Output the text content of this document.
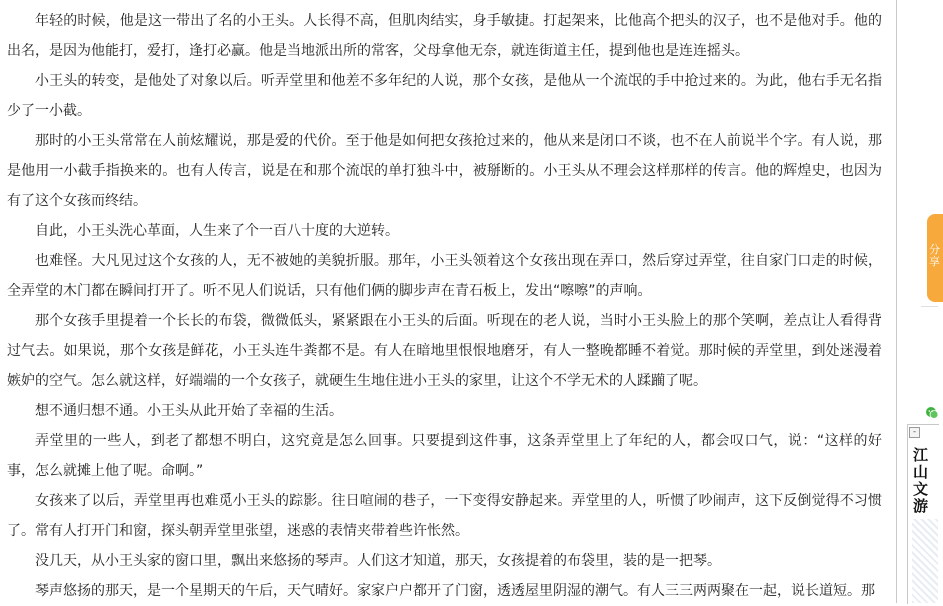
年轻的时候，他是这一带出了名的小王头。人长得不高，但肌肉结实，身手敏捷。打起架来，比他高个把头的汉子，也不是他对手。他的出名，是因为他能打，爱打，逢打必赢。他是当地派出所的常客，父母拿他无奈，就连街道主任，提到他也是连连摇头。

小王头的转变，是他处了对象以后。听弄堂里和他差不多年纪的人说，那个女孩，是他从一个流氓的手中抢过来的。为此，他右手无名指少了一小截。

那时的小王头常常在人前炫耀说，那是爱的代价。至于他是如何把女孩抢过来的，他从来是闭口不谈，也不在人前说半个字。有人说，那是他用一小截手指换来的。也有人传言，说是在和那个流氓的单打独斗中，被掰断的。小王头从不理会这样那样的传言。他的辉煌史，也因为有了这个女孩而终结。

自此，小王头洗心革面，人生来了个一百八十度的大逆转。

也难怪。大凡见过这个女孩的人，无不被她的美貌折服。那年，小王头领着这个女孩出现在弄口，然后穿过弄堂，往自家门口走的时候，全弄堂的木门都在瞬间打开了。听不见人们说话，只有他们俩的脚步声在青石板上，发出“嚓嚓”的声响。

那个女孩手里提着一个长长的布袋，微微低头，紧紧跟在小王头的后面。听现在的老人说，当时小王头脸上的那个笑啊，差点让人看得背过气去。如果说，那个女孩是鲜花，小王头连牛粪都不是。有人在暗地里恨恨地磨牙，有人一整晚都睡不着觉。那时候的弄堂里，到处迷漫着嫉妒的空气。怎么就这样，好端端的一个女孩子，就硬生生地住进小王头的家里，让这个不学无术的人蹂躏了呢。

想不通归想不通。小王头从此开始了幸福的生活。

弄堂里的一些人，到老了都想不明白，这究竟是怎么回事。只要提到这件事，这条弄堂里上了年纪的人，都会叹口气，说：“这样的好事，怎么就摊上他了呢。命啊。”

女孩来了以后，弄堂里再也难觅小王头的踪影。往日喧闹的巷子，一下变得安静起来。弄堂里的人，听惯了吵闹声，这下反倒觉得不习惯了。常有人打开门和窗，探头朝弄堂里张望，迷惑的表情夹带着些许怅然。

没几天，从小王头家的窗口里，飘出来悠扬的琴声。人们这才知道，那天，女孩提着的布袋里，装的是一把琴。

琴声悠扬的那天，是一个星期天的午后，天气晴好。家家户户都开了门窗，透透屋里阴湿的潮气。有人三三两两聚在一起，说长道短。那

分享
-
江山文游
